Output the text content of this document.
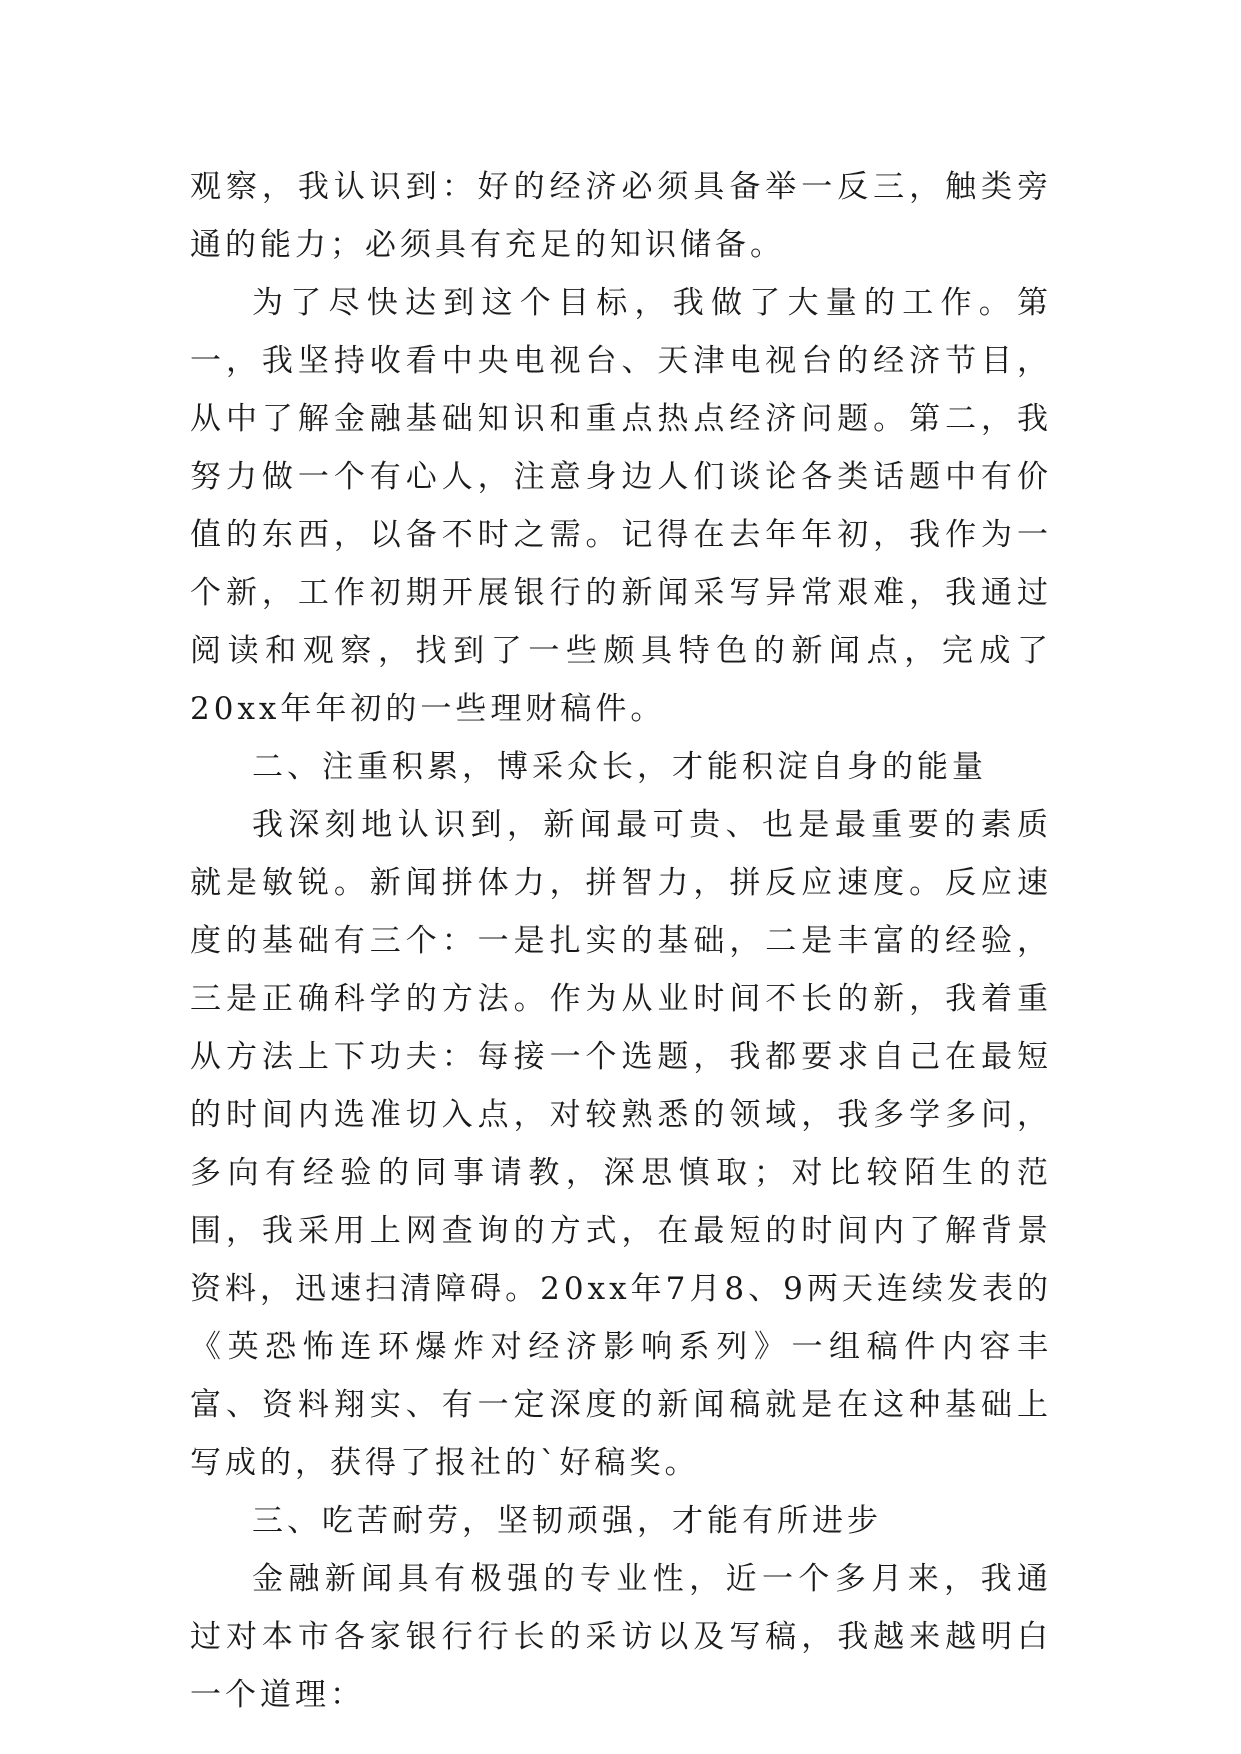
观察，我认识到：好的经济必须具备举一反三，触类旁通的能力；必须具有充足的知识储备。

为了尽快达到这个目标，我做了大量的工作。第一，我坚持收看中央电视台、天津电视台的经济节目，从中了解金融基础知识和重点热点经济问题。第二，我努力做一个有心人，注意身边人们谈论各类话题中有价值的东西，以备不时之需。记得在去年年初，我作为一个新，工作初期开展银行的新闻采写异常艰难，我通过阅读和观察，找到了一些颇具特色的新闻点，完成了20xx年年初的一些理财稿件。

二、注重积累，博采众长，才能积淀自身的能量

我深刻地认识到，新闻最可贵、也是最重要的素质就是敏锐。新闻拼体力，拼智力，拼反应速度。反应速度的基础有三个：一是扎实的基础，二是丰富的经验，三是正确科学的方法。作为从业时间不长的新，我着重从方法上下功夫：每接一个选题，我都要求自己在最短的时间内选准切入点，对较熟悉的领域，我多学多问，多向有经验的同事请教，深思慎取；对比较陌生的范围，我采用上网查询的方式，在最短的时间内了解背景资料，迅速扫清障碍。20xx年7月8、9两天连续发表的《英恐怖连环爆炸对经济影响系列》一组稿件内容丰富、资料翔实、有一定深度的新闻稿就是在这种基础上写成的，获得了报社的`好稿奖。

三、吃苦耐劳，坚韧顽强，才能有所进步

金融新闻具有极强的专业性，近一个多月来，我通过对本市各家银行行长的采访以及写稿，我越来越明白一个道理：
